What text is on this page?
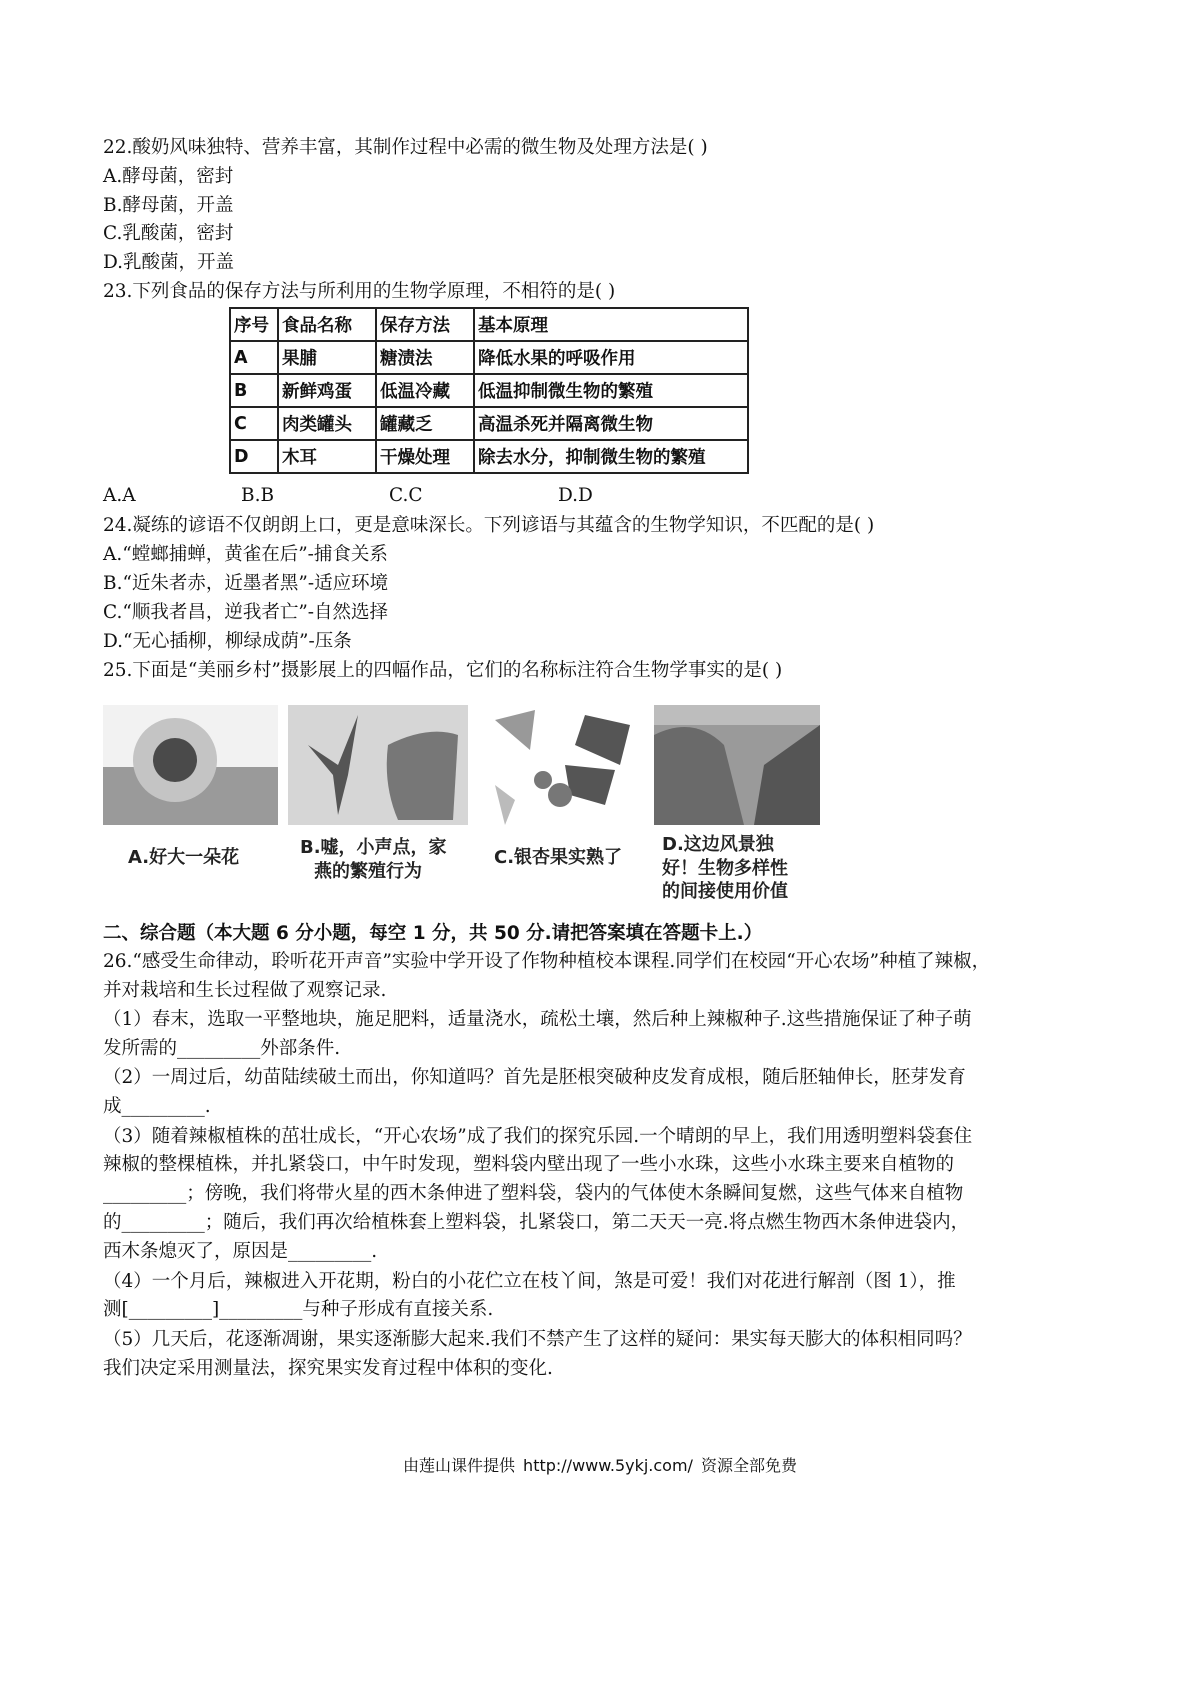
22.酸奶风味独特、营养丰富，其制作过程中必需的微生物及处理方法是( )
A.酵母菌，密封
B.酵母菌，开盖
C.乳酸菌，密封
D.乳酸菌，开盖
23.下列食品的保存方法与所利用的生物学原理，不相符的是( )
序号	食品名称	保存方法	基本原理
A	果脯	糖渍法	降低水果的呼吸作用
B	新鲜鸡蛋	低温冷藏	低温抑制微生物的繁殖
C	肉类罐头	罐藏乏	高温杀死并隔离微生物
D	木耳	干燥处理	除去水分，抑制微生物的繁殖
A.A	B.B	C.C	D.D
24.凝练的谚语不仅朗朗上口，更是意味深长。下列谚语与其蕴含的生物学知识，不匹配的是( )
A.“螳螂捕蝉，黄雀在后”-捕食关系
B.“近朱者赤，近墨者黑”-适应环境
C.“顺我者昌，逆我者亡”-自然选择
D.“无心插柳，柳绿成荫”-压条
25.下面是“美丽乡村”摄影展上的四幅作品，它们的名称标注符合生物学事实的是( )
A.好大一朵花	B.嘘，小声点，家
燕的繁殖行为
C.银杏果实熟了
D.这边风景独
好！生物多样性
的间接使用价值
二、综合题（本大题 6 分小题，每空 1 分，共 50 分.请把答案填在答题卡上.）
26.“感受生命律动，聆听花开声音”实验中学开设了作物种植校本课程.同学们在校园“开心农场”种植了辣椒，
并对栽培和生长过程做了观察记录.
（1）春末，选取一平整地块，施足肥料，适量浇水，疏松土壤，然后种上辣椒种子.这些措施保证了种子萌
发所需的_________外部条件.
（2）一周过后，幼苗陆续破土而出，你知道吗？首先是胚根突破种皮发育成根，随后胚轴伸长，胚芽发育
成_________.
（3）随着辣椒植株的茁壮成长，“开心农场”成了我们的探究乐园.一个晴朗的早上，我们用透明塑料袋套住
辣椒的整棵植株，并扎紧袋口，中午时发现，塑料袋内壁出现了一些小水珠，这些小水珠主要来自植物的
_________；傍晚，我们将带火星的西木条伸进了塑料袋，袋内的气体使木条瞬间复燃，这些气体来自植物
的_________；随后，我们再次给植株套上塑料袋，扎紧袋口，第二天天一亮.将点燃生物西木条伸进袋内，
西木条熄灭了，原因是_________.
（4）一个月后，辣椒进入开花期，粉白的小花伫立在枝丫间，煞是可爱！我们对花进行解剖（图 1），推
测[_________]_________与种子形成有直接关系.
（5）几天后，花逐渐凋谢，果实逐渐膨大起来.我们不禁产生了这样的疑问：果实每天膨大的体积相同吗？
我们决定采用测量法，探究果实发育过程中体积的变化.
由莲山课件提供 http://www.5ykj.com/ 资源全部免费
